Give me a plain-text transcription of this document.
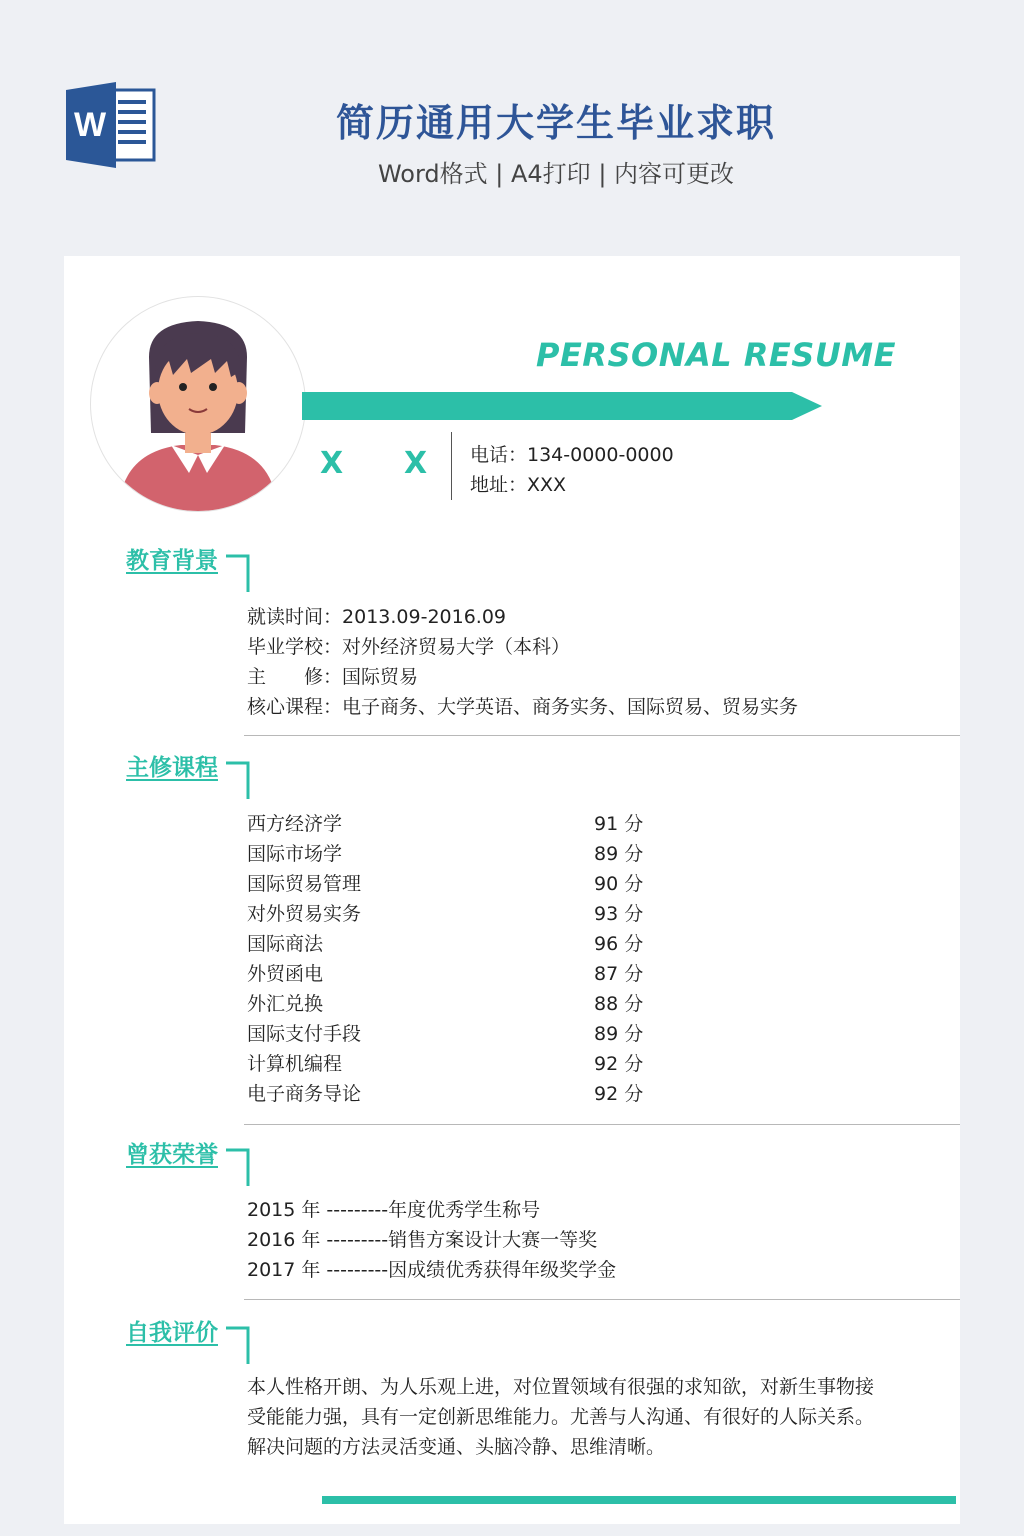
W	简历通用大学生毕业求职
Word格式 | A4打印 | 内容可更改
PERSONAL RESUME
X X 电话：134-0000-0000
地址：XXX
教育背景
就读时间：2013.09-2016.09
毕业学校：对外经济贸易大学（本科）
主　　修：国际贸易
核心课程：电子商务、大学英语、商务实务、国际贸易、贸易实务
主修课程
西方经济学	91 分
国际市场学	89 分
国际贸易管理	90 分
对外贸易实务	93 分
国际商法	96 分
外贸函电	87 分
外汇兑换	88 分
国际支付手段	89 分
计算机编程	92 分
电子商务导论	92 分
曾获荣誉
2015 年 ---------年度优秀学生称号
2016 年 ---------销售方案设计大赛一等奖
2017 年 ---------因成绩优秀获得年级奖学金
自我评价
本人性格开朗、为人乐观上进，对位置领域有很强的求知欲，对新生事物接受能能力强，具有一定创新思维能力。尤善与人沟通、有很好的人际关系。解决问题的方法灵活变通、头脑冷静、思维清晰。
